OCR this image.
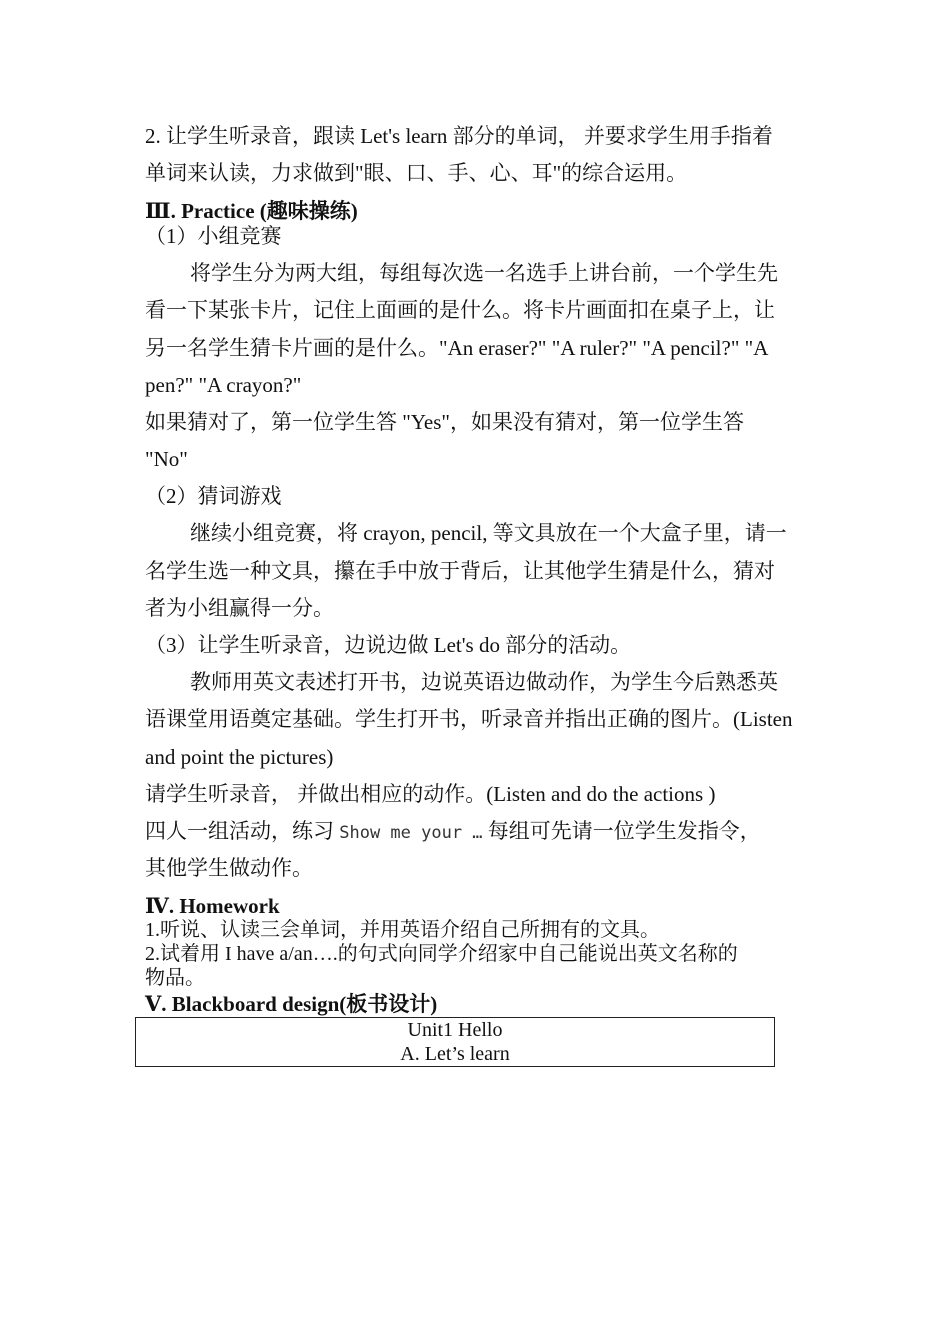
2. 让学生听录音，跟读 Let's learn 部分的单词， 并要求学生用手指着
单词来认读，力求做到"眼、口、手、心、耳"的综合运用。
Ⅲ. Practice (趣味操练)
（1）小组竞赛
将学生分为两大组，每组每次选一名选手上讲台前，一个学生先
看一下某张卡片，记住上面画的是什么。将卡片画面扣在桌子上，让
另一名学生猜卡片画的是什么。"An eraser?" "A ruler?" "A pencil?" "A
pen?" "A crayon?"
如果猜对了，第一位学生答 "Yes"，如果没有猜对，第一位学生答
"No"
（2）猜词游戏
继续小组竞赛，将 crayon, pencil, 等文具放在一个大盒子里，请一
名学生选一种文具，攥在手中放于背后，让其他学生猜是什么，猜对
者为小组赢得一分。
（3）让学生听录音，边说边做 Let's do 部分的活动。
教师用英文表述打开书，边说英语边做动作，为学生今后熟悉英
语课堂用语奠定基础。学生打开书，听录音并指出正确的图片。(Listen
and point the pictures)
请学生听录音， 并做出相应的动作。(Listen and do the actions )
四人一组活动，练习 Show me your … 每组可先请一位学生发指令，
其他学生做动作。
Ⅳ. Homework
1.听说、认读三会单词，并用英语介绍自己所拥有的文具。
2.试着用 I have a/an….的句式向同学介绍家中自己能说出英文名称的
物品。
Ⅴ. Blackboard design(板书设计)
Unit1 Hello
A. Let’s learn
